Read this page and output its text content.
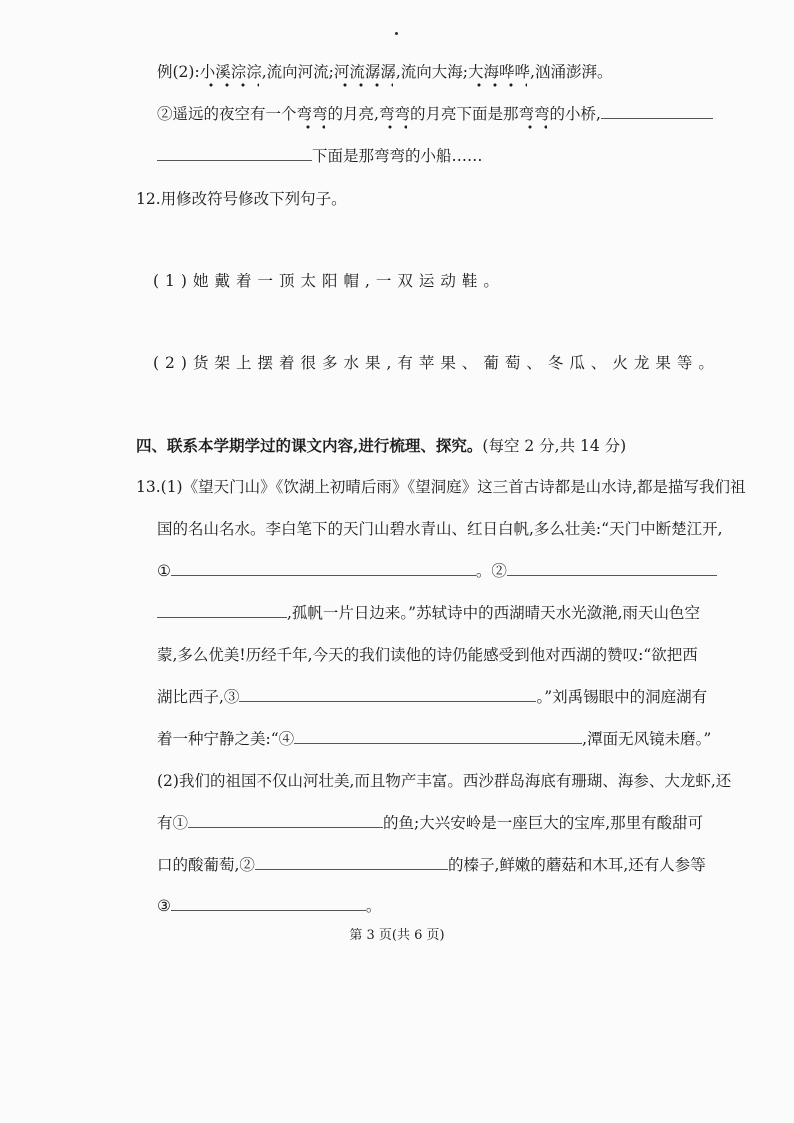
例(2):小溪淙淙,流向河流;河流潺潺,流向大海;大海哗哗,汹涌澎湃。
②遥远的夜空有一个弯弯的月亮,弯弯的月亮下面是那弯弯的小桥,
下面是那弯弯的小船……
12.用修改符号修改下列句子。
(1)她戴着一顶太阳帽,一双运动鞋。
(2)货架上摆着很多水果,有苹果、葡萄、冬瓜、火龙果等。
四、联系本学期学过的课文内容,进行梳理、探究。(每空 2 分,共 14 分)
13.(1)《望天门山》《饮湖上初晴后雨》《望洞庭》这三首古诗都是山水诗,都是描写我们祖
国的名山名水。李白笔下的天门山碧水青山、红日白帆,多么壮美:“天门中断楚江开,
①	。②
,孤帆一片日边来。”苏轼诗中的西湖晴天水光潋滟,雨天山色空
蒙,多么优美!历经千年,今天的我们读他的诗仍能感受到他对西湖的赞叹:“欲把西
湖比西子,③	。”刘禹锡眼中的洞庭湖有
着一种宁静之美:“④	,潭面无风镜未磨。”
(2)我们的祖国不仅山河壮美,而且物产丰富。西沙群岛海底有珊瑚、海参、大龙虾,还
有①	的鱼;大兴安岭是一座巨大的宝库,那里有酸甜可
口的酸葡萄,②	的榛子,鲜嫩的蘑菇和木耳,还有人参等
③	。
第 3 页(共 6 页)
